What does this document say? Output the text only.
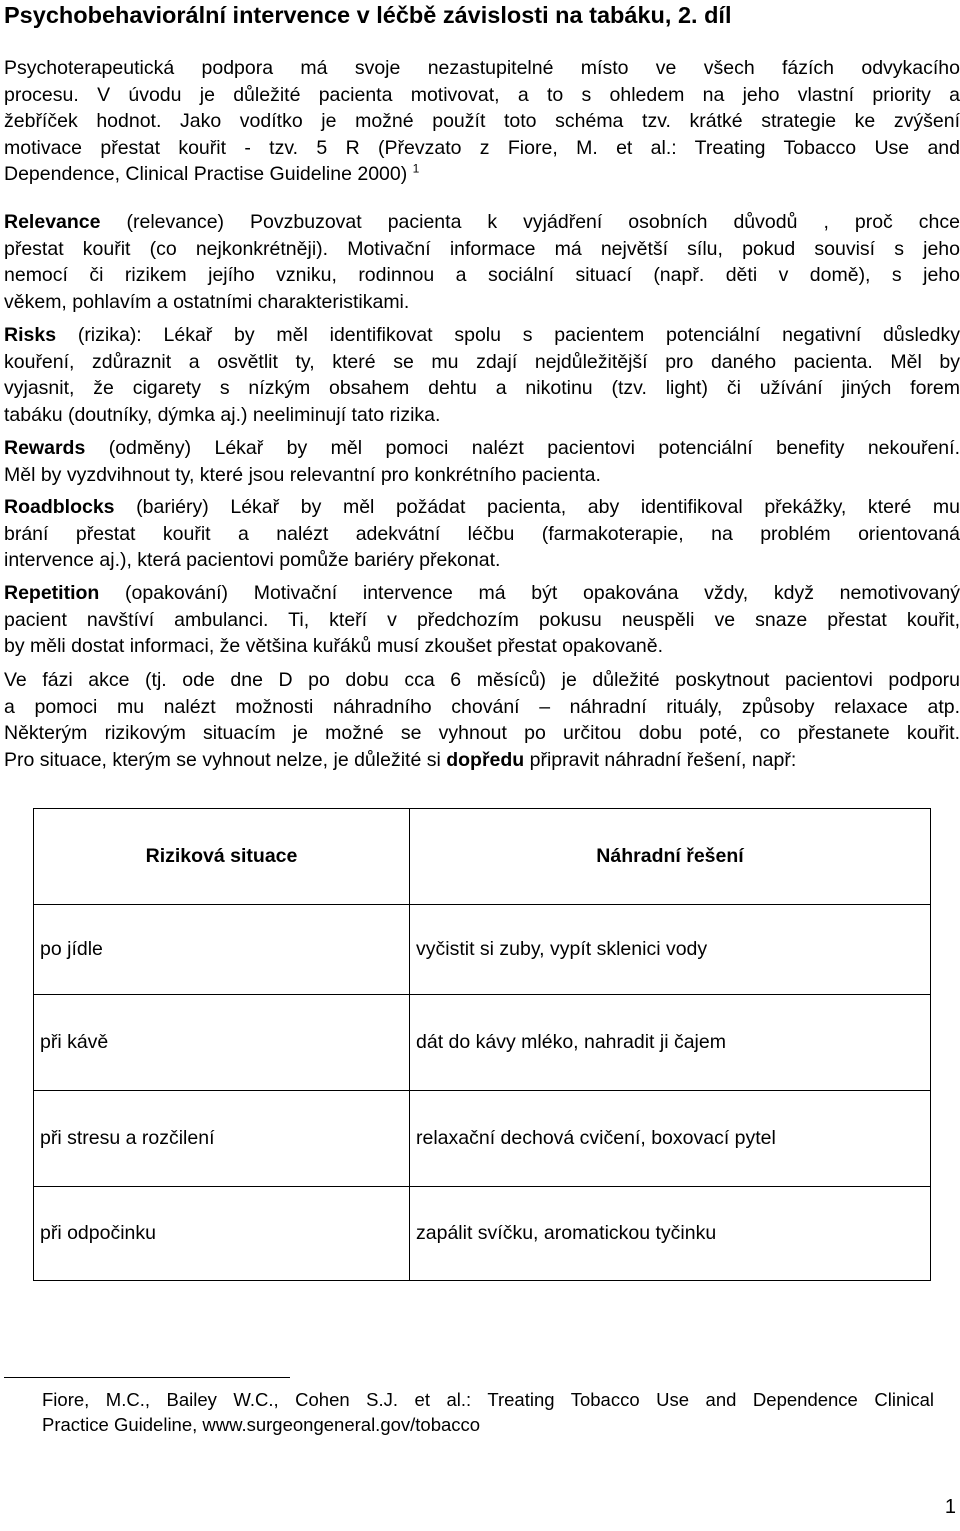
Psychobehaviorální intervence v léčbě závislosti na tabáku, 2. díl

Psychoterapeutická podpora má svoje nezastupitelné místo ve všech fázích odvykacího
procesu. V úvodu je důležité pacienta motivovat, a to s ohledem na jeho vlastní priority a
žebříček hodnot. Jako vodítko je možné použít toto schéma tzv. krátké strategie ke zvýšení
motivace přestat kouřit - tzv. 5 R (Převzato z Fiore, M. et al.: Treating Tobacco Use and
Dependence, Clinical Practise Guideline 2000) $^1$

Relevance (relevance) Povzbuzovat pacienta k vyjádření osobních důvodů , proč chce
přestat kouřit (co nejkonkrétněji). Motivační informace má největší sílu, pokud souvisí s jeho
nemocí či rizikem jejího vzniku, rodinnou a sociální situací (např. děti v domě), s jeho
věkem, pohlavím a ostatními charakteristikami.

Risks (rizika): Lékař by měl identifikovat spolu s pacientem potenciální negativní důsledky
kouření, zdůraznit a osvětlit ty, které se mu zdají nejdůležitější pro daného pacienta. Měl by
vyjasnit, že cigarety s nízkým obsahem dehtu a nikotinu (tzv. light) či užívání jiných forem
tabáku (doutníky, dýmka aj.) neeliminují tato rizika.

Rewards (odměny) Lékař by měl pomoci nalézt pacientovi potenciální benefity nekouření.
Měl by vyzdvihnout ty, které jsou relevantní pro konkrétního pacienta.

Roadblocks (bariéry) Lékař by měl požádat pacienta, aby identifikoval překážky, které mu
brání přestat kouřit a nalézt adekvátní léčbu (farmakoterapie, na problém orientovaná
intervence aj.), která pacientovi pomůže bariéry překonat.

Repetition (opakování) Motivační intervence má být opakována vždy, když nemotivovaný
pacient navštíví ambulanci. Ti, kteří v předchozím pokusu neuspěli ve snaze přestat kouřit,
by měli dostat informaci, že většina kuřáků musí zkoušet přestat opakovaně.

Ve fázi akce (tj. ode dne D po dobu cca 6 měsíců) je důležité poskytnout pacientovi podporu
a pomoci mu nalézt možnosti náhradního chování – náhradní rituály, způsoby relaxace atp.
Některým rizikovým situacím je možné se vyhnout po určitou dobu poté, co přestanete kouřit.
Pro situace, kterým se vyhnout nelze, je důležité si dopředu připravit náhradní řešení, např:

Riziková situace	Náhradní řešení
po jídle	vyčistit si zuby, vypít sklenici vody
při kávě	dát do kávy mléko, nahradit ji čajem
při stresu a rozčilení	relaxační dechová cvičení, boxovací pytel
při odpočinku	zapálit svíčku, aromatickou tyčinku

Fiore, M.C., Bailey W.C., Cohen S.J. et al.: Treating Tobacco Use and Dependence Clinical
Practice Guideline, www.surgeongeneral.gov/tobacco

1
